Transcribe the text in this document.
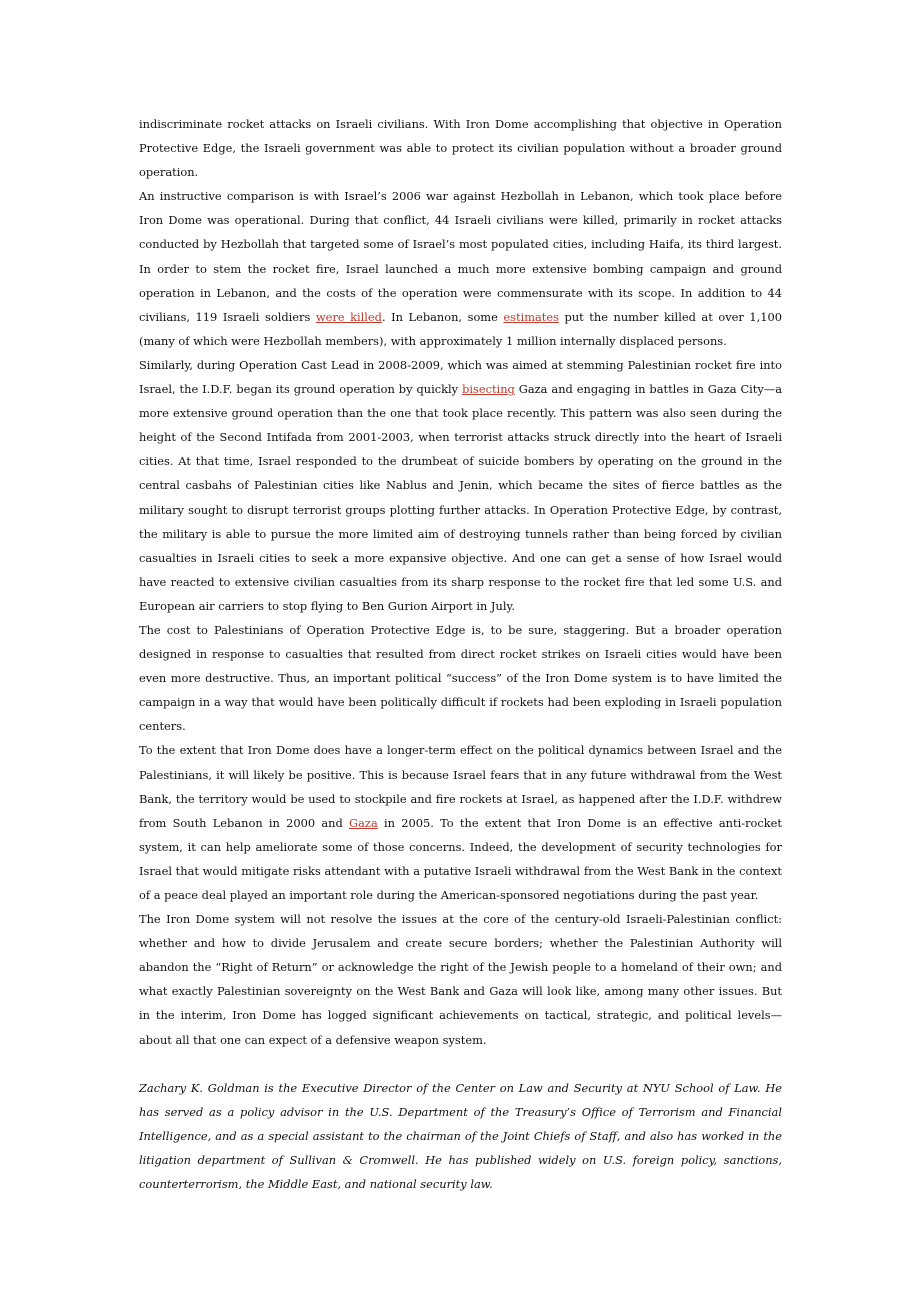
indiscriminate rocket attacks on Israeli civilians. With Iron Dome accomplishing that objective in Operation Protective Edge, the Israeli government was able to protect its civilian population without a broader ground operation.

An instructive comparison is with Israel’s 2006 war against Hezbollah in Lebanon, which took place before Iron Dome was operational. During that conflict, 44 Israeli civilians were killed, primarily in rocket attacks conducted by Hezbollah that targeted some of Israel’s most populated cities, including Haifa, its third largest. In order to stem the rocket fire, Israel launched a much more extensive bombing campaign and ground operation in Lebanon, and the costs of the operation were commensurate with its scope. In addition to 44 civilians, 119 Israeli soldiers were killed. In Lebanon, some estimates put the number killed at over 1,100 (many of which were Hezbollah members), with approximately 1 million internally displaced persons.

Similarly, during Operation Cast Lead in 2008-2009, which was aimed at stemming Palestinian rocket fire into Israel, the I.D.F. began its ground operation by quickly bisecting Gaza and engaging in battles in Gaza City—a more extensive ground operation than the one that took place recently. This pattern was also seen during the height of the Second Intifada from 2001-2003, when terrorist attacks struck directly into the heart of Israeli cities. At that time, Israel responded to the drumbeat of suicide bombers by operating on the ground in the central casbahs of Palestinian cities like Nablus and Jenin, which became the sites of fierce battles as the military sought to disrupt terrorist groups plotting further attacks. In Operation Protective Edge, by contrast, the military is able to pursue the more limited aim of destroying tunnels rather than being forced by civilian casualties in Israeli cities to seek a more expansive objective. And one can get a sense of how Israel would have reacted to extensive civilian casualties from its sharp response to the rocket fire that led some U.S. and European air carriers to stop flying to Ben Gurion Airport in July.

The cost to Palestinians of Operation Protective Edge is, to be sure, staggering. But a broader operation designed in response to casualties that resulted from direct rocket strikes on Israeli cities would have been even more destructive. Thus, an important political “success” of the Iron Dome system is to have limited the campaign in a way that would have been politically difficult if rockets had been exploding in Israeli population centers.

To the extent that Iron Dome does have a longer-term effect on the political dynamics between Israel and the Palestinians, it will likely be positive. This is because Israel fears that in any future withdrawal from the West Bank, the territory would be used to stockpile and fire rockets at Israel, as happened after the I.D.F. withdrew from South Lebanon in 2000 and Gaza in 2005. To the extent that Iron Dome is an effective anti-rocket system, it can help ameliorate some of those concerns. Indeed, the development of security technologies for Israel that would mitigate risks attendant with a putative Israeli withdrawal from the West Bank in the context of a peace deal played an important role during the American-sponsored negotiations during the past year.

The Iron Dome system will not resolve the issues at the core of the century-old Israeli-Palestinian conflict: whether and how to divide Jerusalem and create secure borders; whether the Palestinian Authority will abandon the “Right of Return” or acknowledge the right of the Jewish people to a homeland of their own; and what exactly Palestinian sovereignty on the West Bank and Gaza will look like, among many other issues. But in the interim, Iron Dome has logged significant achievements on tactical, strategic, and political levels—about all that one can expect of a defensive weapon system.

Zachary K. Goldman is the Executive Director of the Center on Law and Security at NYU School of Law. He has served as a policy advisor in the U.S. Department of the Treasury’s Office of Terrorism and Financial Intelligence, and as a special assistant to the chairman of the Joint Chiefs of Staff, and also has worked in the litigation department of Sullivan & Cromwell. He has published widely on U.S. foreign policy, sanctions, counterterrorism, the Middle East, and national security law.
